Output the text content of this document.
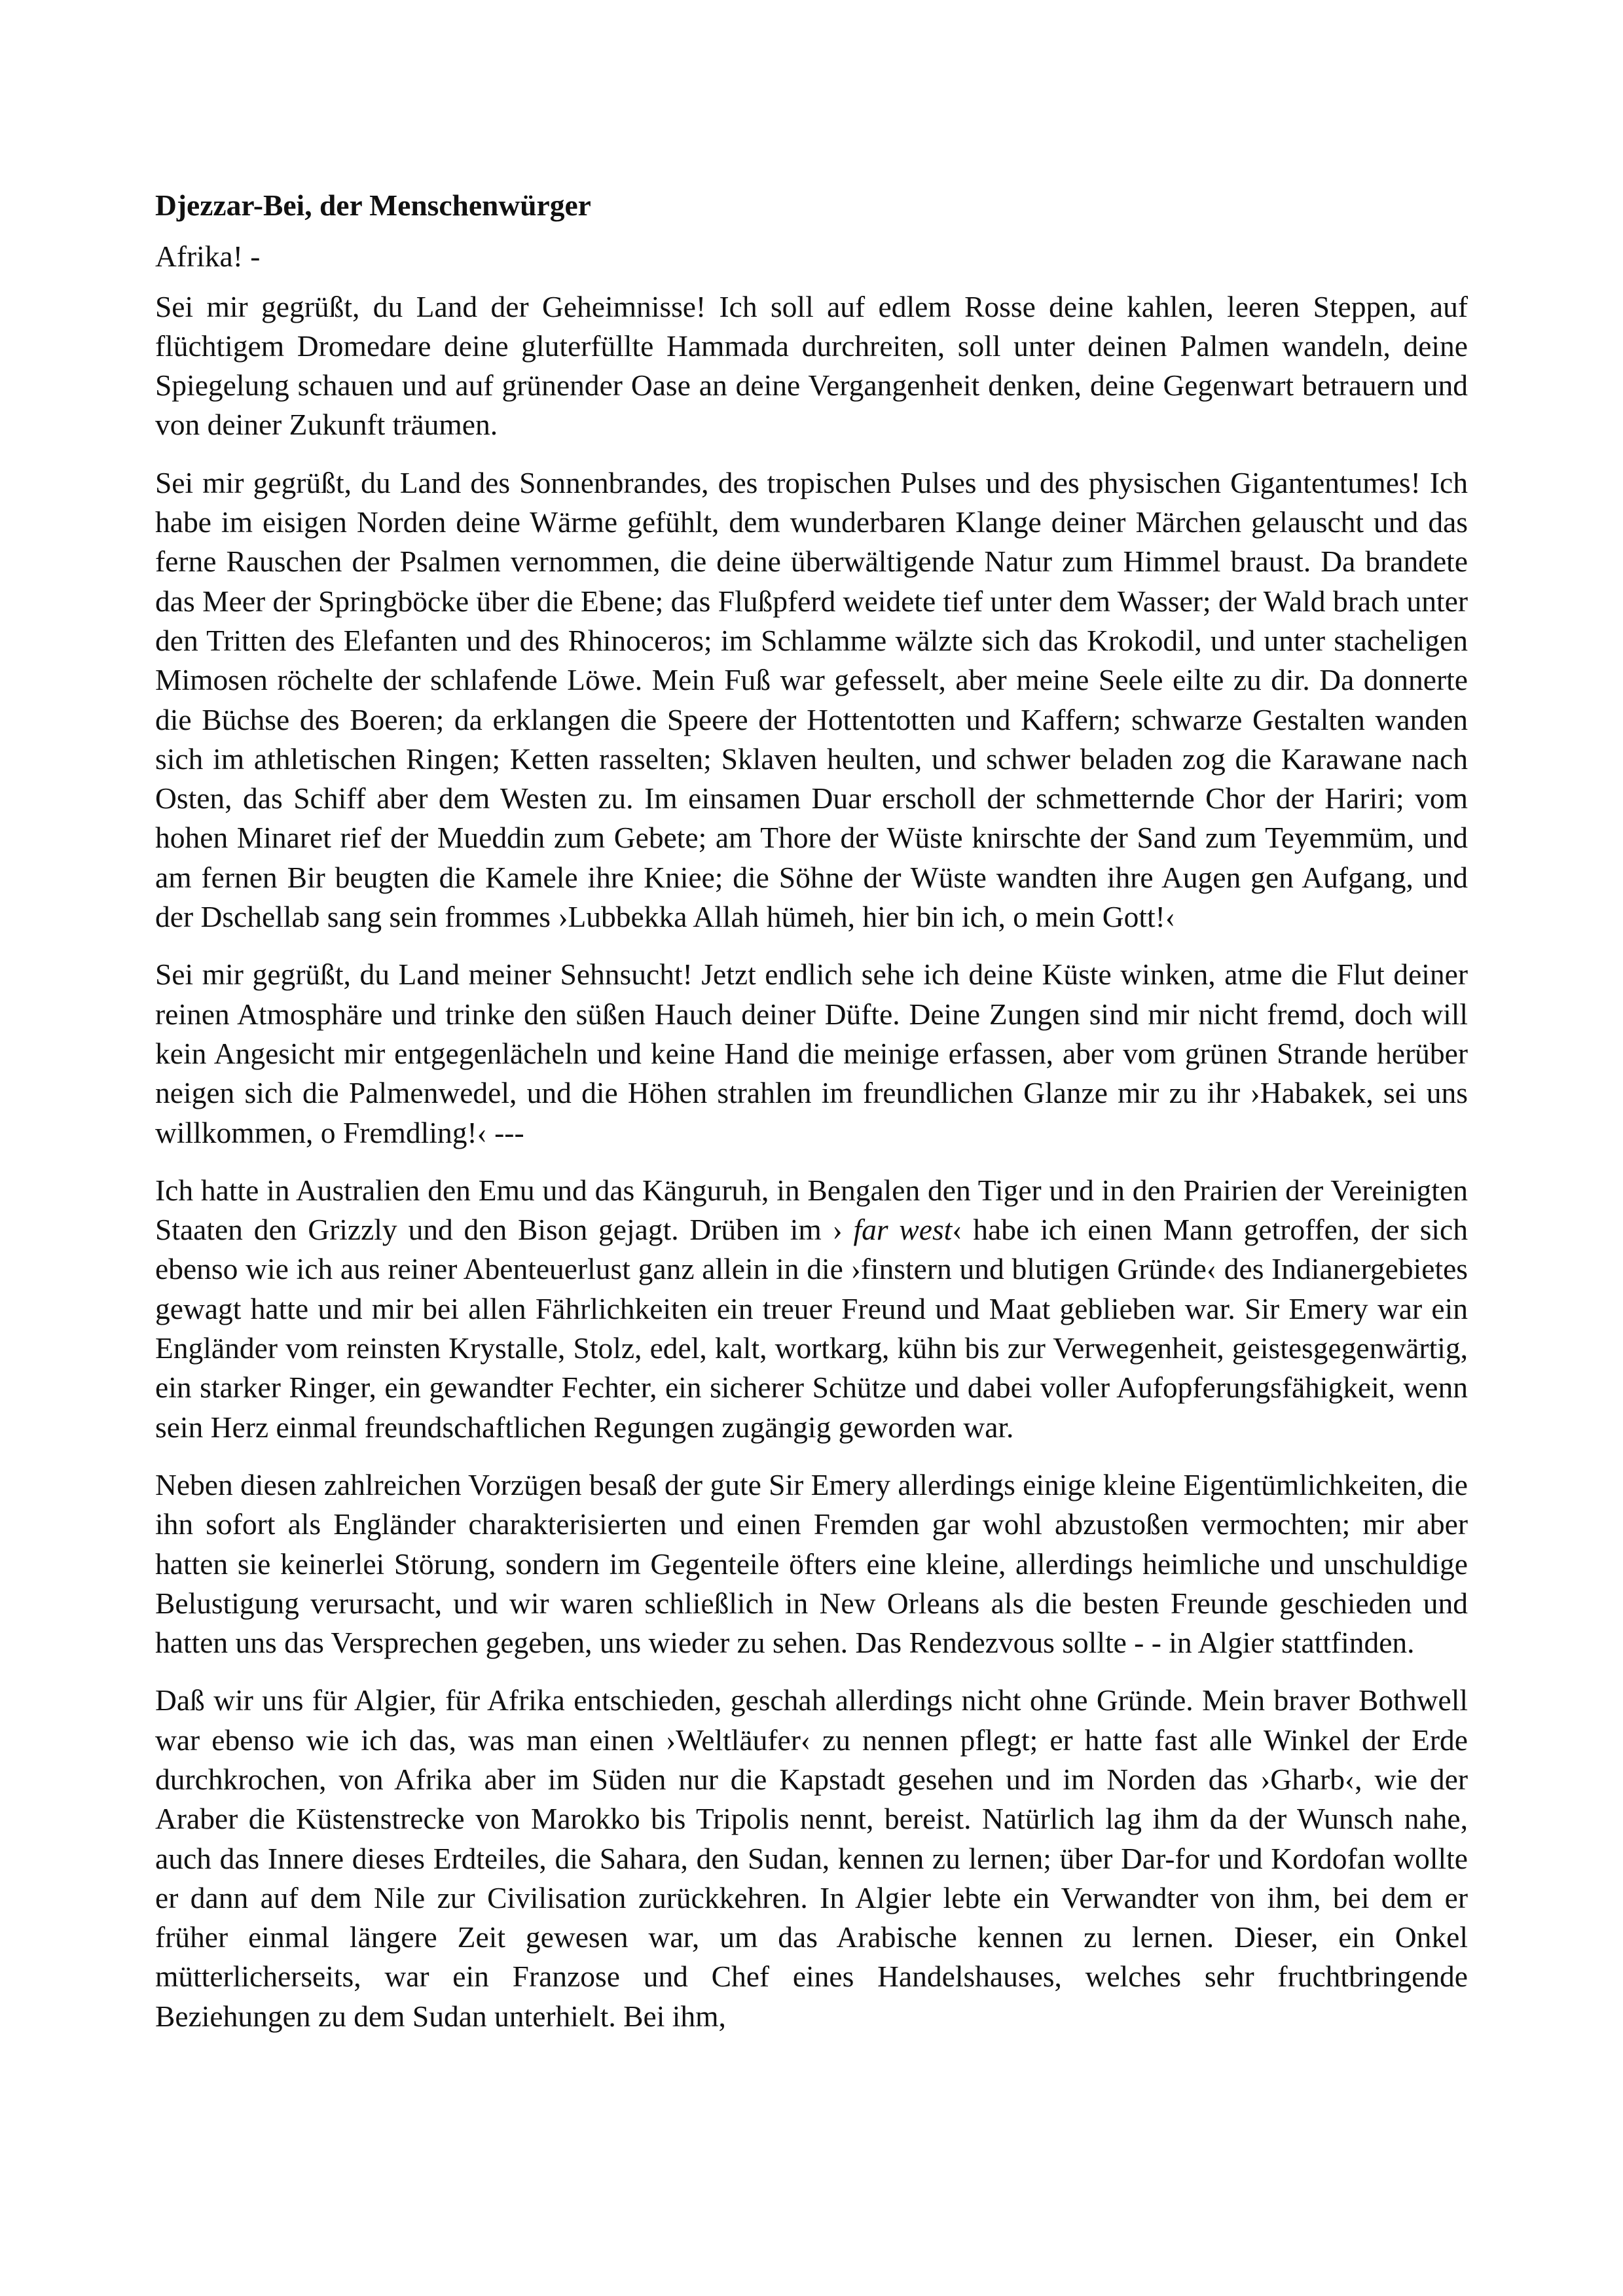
Djezzar-Bei, der Menschenwürger

Afrika! -

Sei mir gegrüßt, du Land der Geheimnisse! Ich soll auf edlem Rosse deine kahlen, leeren Steppen, auf flüchtigem Dromedare deine gluterfüllte Hammada durchreiten, soll unter deinen Palmen wandeln, deine Spiegelung schauen und auf grünender Oase an deine Vergangenheit denken, deine Gegenwart betrauern und von deiner Zukunft träumen.

Sei mir gegrüßt, du Land des Sonnenbrandes, des tropischen Pulses und des physischen Gigantentumes! Ich habe im eisigen Norden deine Wärme gefühlt, dem wunderbaren Klange deiner Märchen gelauscht und das ferne Rauschen der Psalmen vernommen, die deine überwältigende Natur zum Himmel braust. Da brandete das Meer der Springböcke über die Ebene; das Flußpferd weidete tief unter dem Wasser; der Wald brach unter den Tritten des Elefanten und des Rhinoceros; im Schlamme wälzte sich das Krokodil, und unter stacheligen Mimosen röchelte der schlafende Löwe. Mein Fuß war gefesselt, aber meine Seele eilte zu dir. Da donnerte die Büchse des Boeren; da erklangen die Speere der Hottentotten und Kaffern; schwarze Gestalten wanden sich im athletischen Ringen; Ketten rasselten; Sklaven heulten, und schwer beladen zog die Karawane nach Osten, das Schiff aber dem Westen zu. Im einsamen Duar erscholl der schmetternde Chor der Hariri; vom hohen Minaret rief der Mueddin zum Gebete; am Thore der Wüste knirschte der Sand zum Teyemmüm, und am fernen Bir beugten die Kamele ihre Kniee; die Söhne der Wüste wandten ihre Augen gen Aufgang, und der Dschellab sang sein frommes ›Lubbekka Allah hümeh, hier bin ich, o mein Gott!‹

Sei mir gegrüßt, du Land meiner Sehnsucht! Jetzt endlich sehe ich deine Küste winken, atme die Flut deiner reinen Atmosphäre und trinke den süßen Hauch deiner Düfte. Deine Zungen sind mir nicht fremd, doch will kein Angesicht mir entgegenlächeln und keine Hand die meinige erfassen, aber vom grünen Strande herüber neigen sich die Palmenwedel, und die Höhen strahlen im freundlichen Glanze mir zu ihr ›Habakek, sei uns willkommen, o Fremdling!‹ ---

Ich hatte in Australien den Emu und das Känguruh, in Bengalen den Tiger und in den Prairien der Vereinigten Staaten den Grizzly und den Bison gejagt. Drüben im › far west‹ habe ich einen Mann getroffen, der sich ebenso wie ich aus reiner Abenteuerlust ganz allein in die ›finstern und blutigen Gründe‹ des Indianergebietes gewagt hatte und mir bei allen Fährlichkeiten ein treuer Freund und Maat geblieben war. Sir Emery war ein Engländer vom reinsten Krystalle, Stolz, edel, kalt, wortkarg, kühn bis zur Verwegenheit, geistesgegenwärtig, ein starker Ringer, ein gewandter Fechter, ein sicherer Schütze und dabei voller Aufopferungsfähigkeit, wenn sein Herz einmal freundschaftlichen Regungen zugängig geworden war.

Neben diesen zahlreichen Vorzügen besaß der gute Sir Emery allerdings einige kleine Eigentümlichkeiten, die ihn sofort als Engländer charakterisierten und einen Fremden gar wohl abzustoßen vermochten; mir aber hatten sie keinerlei Störung, sondern im Gegenteile öfters eine kleine, allerdings heimliche und unschuldige Belustigung verursacht, und wir waren schließlich in New Orleans als die besten Freunde geschieden und hatten uns das Versprechen gegeben, uns wieder zu sehen. Das Rendezvous sollte - - in Algier stattfinden.

Daß wir uns für Algier, für Afrika entschieden, geschah allerdings nicht ohne Gründe. Mein braver Bothwell war ebenso wie ich das, was man einen ›Weltläufer‹ zu nennen pflegt; er hatte fast alle Winkel der Erde durchkrochen, von Afrika aber im Süden nur die Kapstadt gesehen und im Norden das ›Gharb‹, wie der Araber die Küstenstrecke von Marokko bis Tripolis nennt, bereist. Natürlich lag ihm da der Wunsch nahe, auch das Innere dieses Erdteiles, die Sahara, den Sudan, kennen zu lernen; über Dar-for und Kordofan wollte er dann auf dem Nile zur Civilisation zurückkehren. In Algier lebte ein Verwandter von ihm, bei dem er früher einmal längere Zeit gewesen war, um das Arabische kennen zu lernen. Dieser, ein Onkel mütterlicherseits, war ein Franzose und Chef eines Handelshauses, welches sehr fruchtbringende Beziehungen zu dem Sudan unterhielt. Bei ihm,
